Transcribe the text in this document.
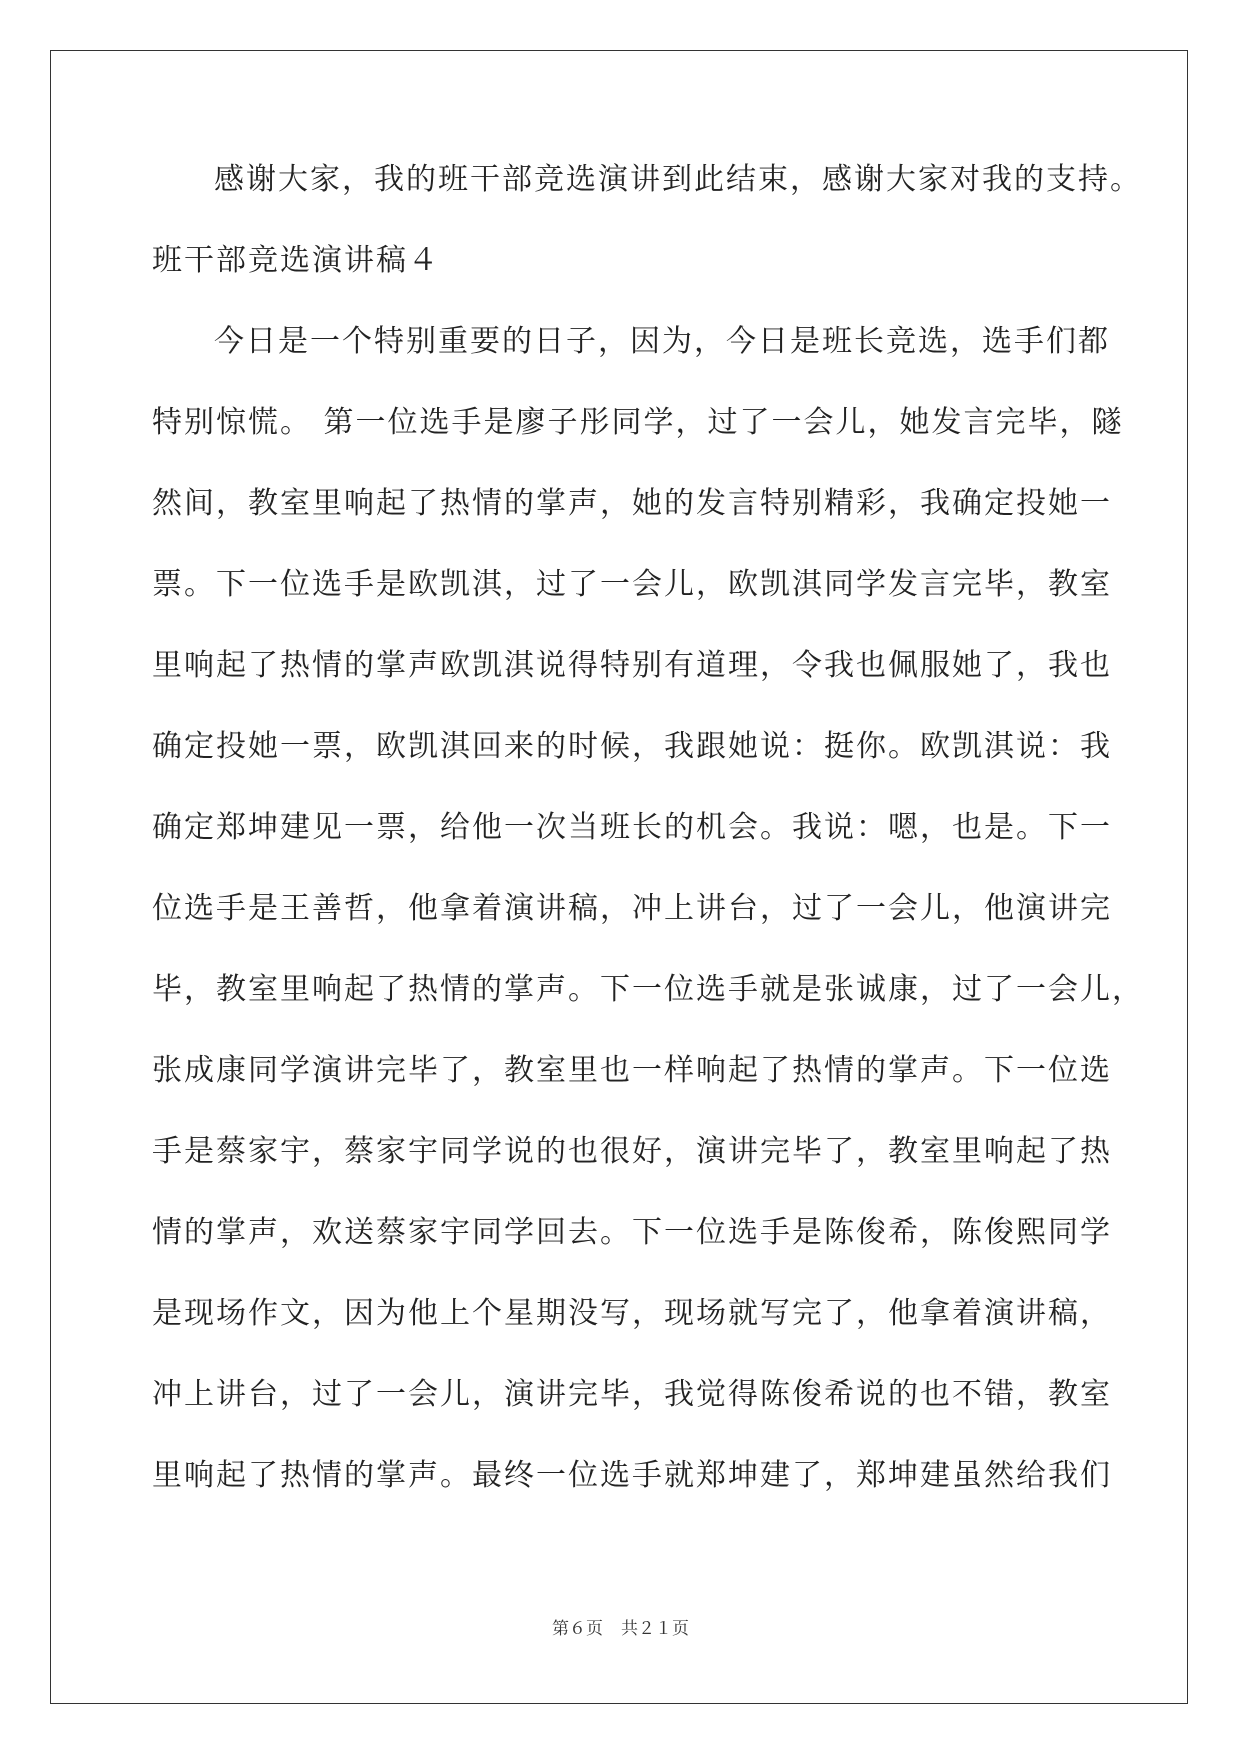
感谢大家，我的班干部竞选演讲到此结束，感谢大家对我的支持。
班干部竞选演讲稿４
今日是一个特别重要的日子，因为，今日是班长竞选，选手们都
特别惊慌。 第一位选手是廖子彤同学，过了一会儿，她发言完毕，隧
然间，教室里响起了热情的掌声，她的发言特别精彩，我确定投她一
票。下一位选手是欧凯淇，过了一会儿，欧凯淇同学发言完毕，教室
里响起了热情的掌声欧凯淇说得特别有道理，令我也佩服她了，我也
确定投她一票，欧凯淇回来的时候，我跟她说：挺你。欧凯淇说：我
确定郑坤建见一票，给他一次当班长的机会。我说：嗯，也是。下一
位选手是王善哲，他拿着演讲稿，冲上讲台，过了一会儿，他演讲完
毕，教室里响起了热情的掌声。下一位选手就是张诚康，过了一会儿，
张成康同学演讲完毕了，教室里也一样响起了热情的掌声。下一位选
手是蔡家宇，蔡家宇同学说的也很好，演讲完毕了，教室里响起了热
情的掌声，欢送蔡家宇同学回去。下一位选手是陈俊希，陈俊熙同学
是现场作文，因为他上个星期没写，现场就写完了，他拿着演讲稿，
冲上讲台，过了一会儿，演讲完毕，我觉得陈俊希说的也不错，教室
里响起了热情的掌声。最终一位选手就郑坤建了，郑坤建虽然给我们
第６页 共２１页
